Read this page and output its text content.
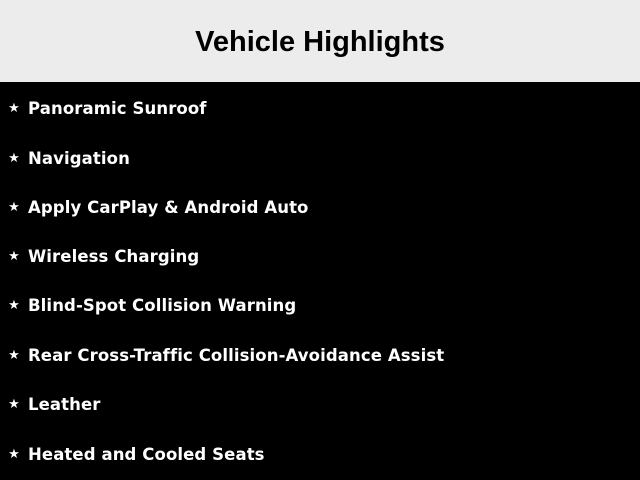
Vehicle Highlights
★ Panoramic Sunroof
★ Navigation
★ Apply CarPlay & Android Auto
★ Wireless Charging
★ Blind-Spot Collision Warning
★ Rear Cross-Traffic Collision-Avoidance Assist
★ Leather
★ Heated and Cooled Seats
